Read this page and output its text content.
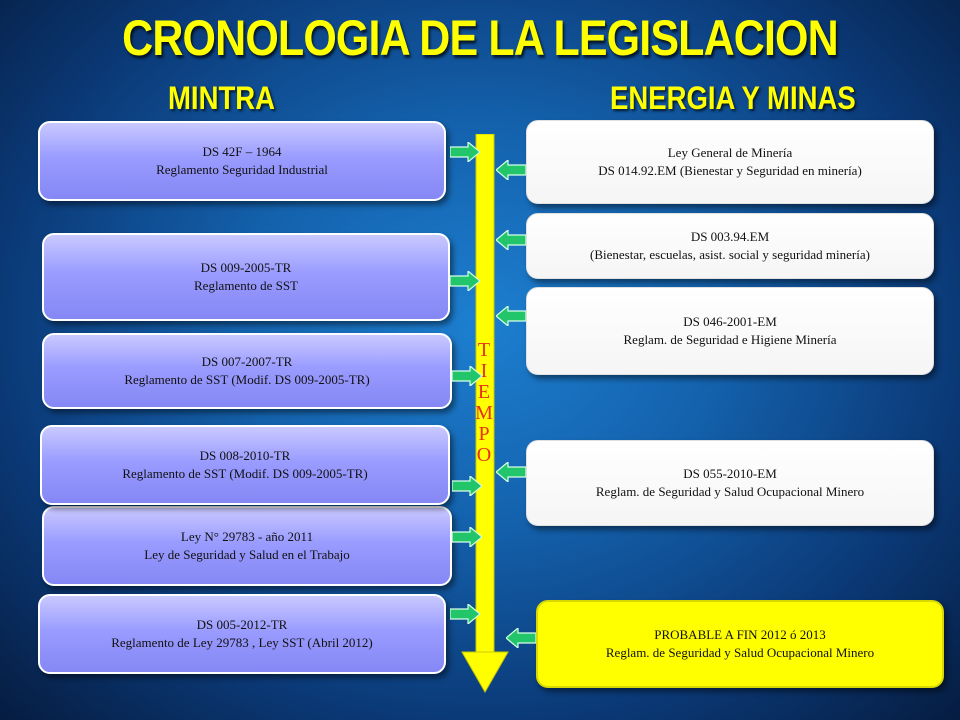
CRONOLOGIA DE LA LEGISLACION
MINTRA	ENERGIA Y MINAS
T
I
E
M
P
O
DS 42F – 1964
Reglamento Seguridad Industrial
DS 009-2005-TR
Reglamento de SST
DS 007-2007-TR
Reglamento de SST (Modif. DS 009-2005-TR)
Ley N° 29783 - año 2011
Ley de Seguridad y Salud en el Trabajo
DS 008-2010-TR
Reglamento de SST (Modif. DS 009-2005-TR)
DS 005-2012-TR
Reglamento de Ley 29783 , Ley SST (Abril 2012)
Ley General de Minería
DS 014.92.EM (Bienestar y Seguridad en minería)
DS 003.94.EM
(Bienestar, escuelas, asist. social y seguridad minería)
DS 046-2001-EM
Reglam. de Seguridad e Higiene Minería
DS 055-2010-EM
Reglam. de Seguridad y Salud Ocupacional Minero
PROBABLE A FIN 2012 ó 2013
Reglam. de Seguridad y Salud Ocupacional Minero
